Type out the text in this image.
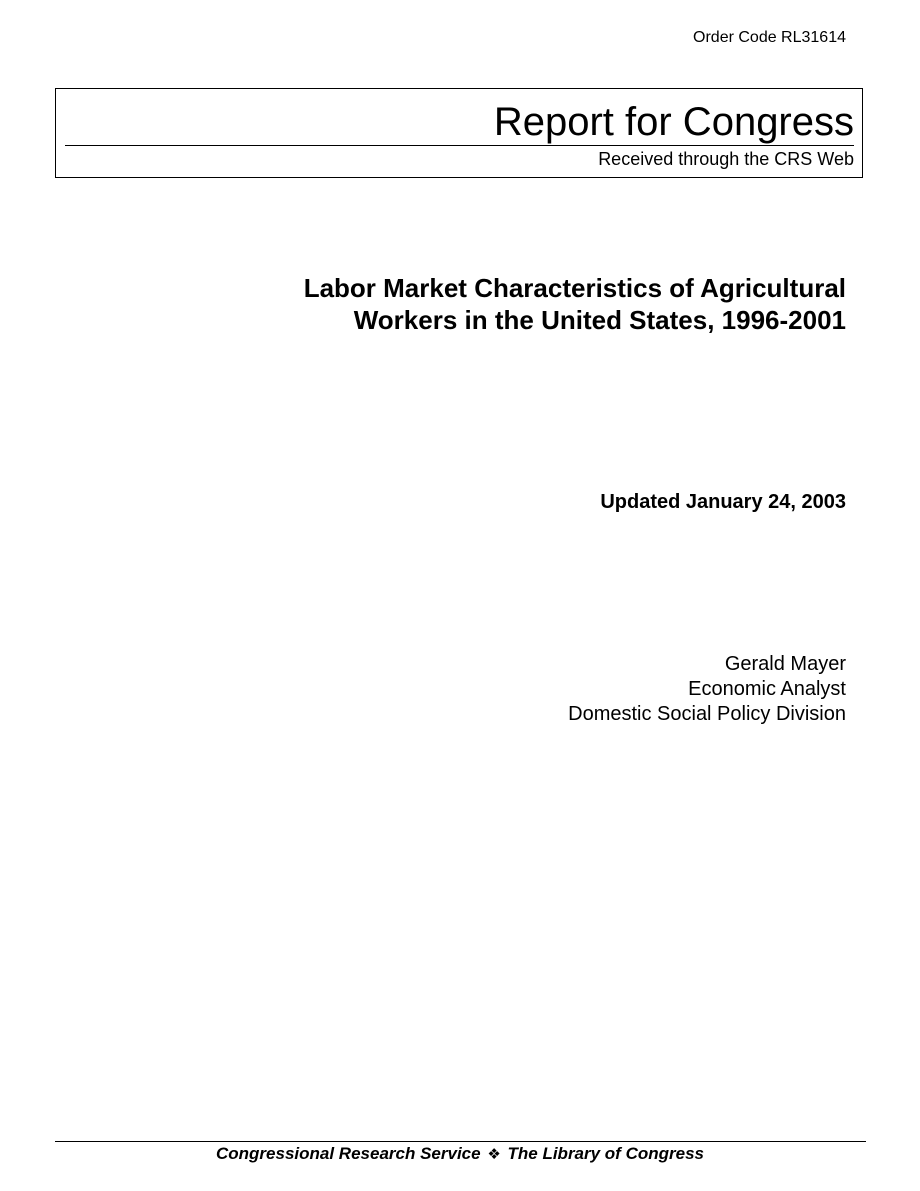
Order Code RL31614
Report for Congress
Received through the CRS Web
Labor Market Characteristics of Agricultural
Workers in the United States, 1996-2001
Updated January 24, 2003
Gerald Mayer
Economic Analyst
Domestic Social Policy Division
Congressional Research Service ❖ The Library of Congress
